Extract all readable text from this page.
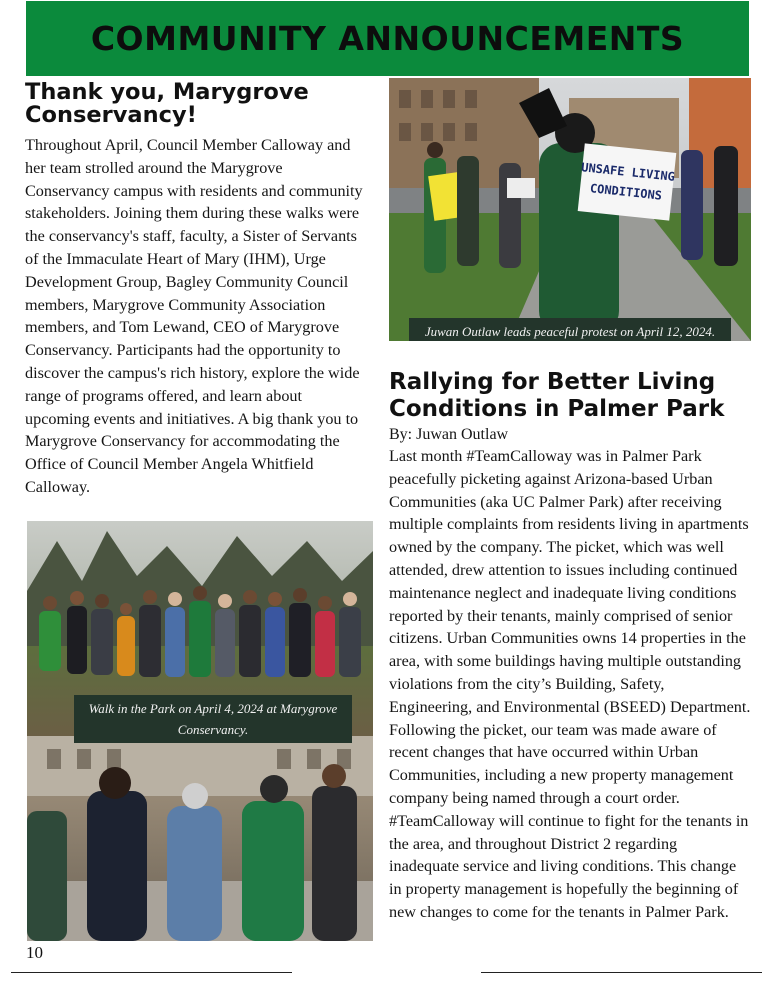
COMMUNITY ANNOUNCEMENTS
Thank you, Marygrove Conservancy!

Throughout April, Council Member Calloway and her team strolled around the Marygrove Conservancy campus with residents and community stakeholders. Joining them during these walks were the conservancy's staff, faculty, a Sister of Servants of the Immaculate Heart of Mary (IHM), Urge Development Group, Bagley Community Council members, Marygrove Community Association members, and Tom Lewand, CEO of Marygrove Conservancy. Participants had the opportunity to discover the campus's rich history, explore the wide range of programs offered, and learn about upcoming events and initiatives. A big thank you to Marygrove Conservancy for accommodating the Office of Council Member Angela Whitfield Calloway.

Walk in the Park on April 4, 2024 at Marygrove Conservancy.
UNSAFE LIVINGCONDITIONS
Juwan Outlaw leads peaceful protest on April 12, 2024.
Rallying for Better Living Conditions in Palmer Park

By: Juwan Outlaw

Last month #TeamCalloway was in Palmer Park peacefully picketing against Arizona-based Urban Communities (aka UC Palmer Park) after receiving multiple complaints from residents living in apartments owned by the company. The picket, which was well attended, drew attention to issues including continued maintenance neglect and inadequate living conditions reported by their tenants, mainly comprised of senior citizens. Urban Communities owns 14 properties in the area, with some buildings having multiple outstanding violations from the city’s Building, Safety, Engineering, and Environmental (BSEED) Department. Following the picket, our team was made aware of recent changes that have occurred within Urban Communities, including a new property management company being named through a court order. #TeamCalloway will continue to fight for the tenants in the area, and throughout District 2 regarding inadequate service and living conditions. This change in property management is hopefully the beginning of new changes to come for the tenants in Palmer Park.

10
